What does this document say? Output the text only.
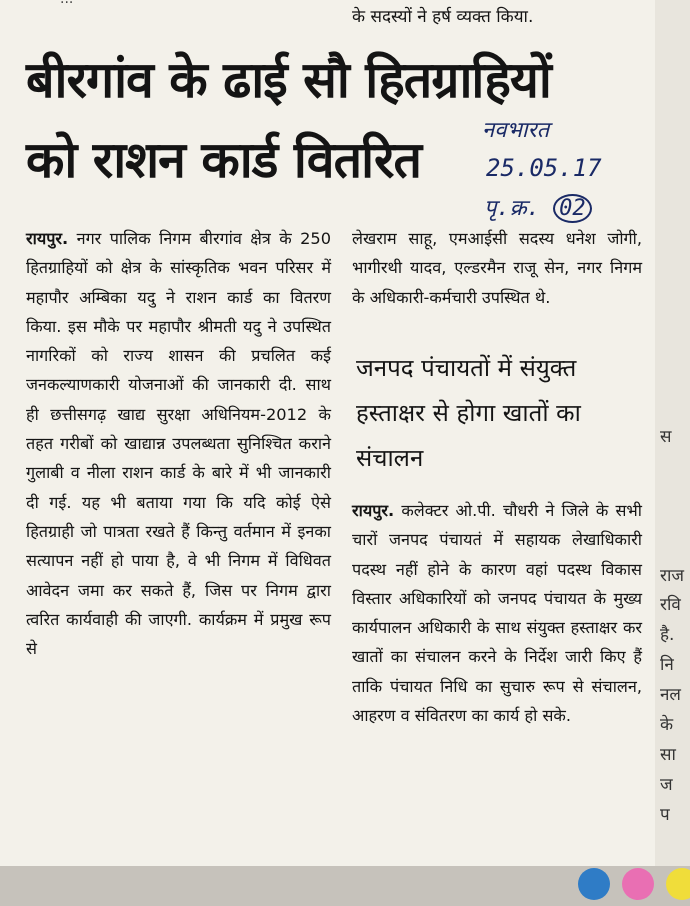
के सदस्यों ने हर्ष व्यक्त किया.
बीरगांव के ढाई सौ हितग्राहियों
को राशन कार्ड वितरित
नवभारत
25.05.17
पृ.क्र. 02
रायपुर. नगर पालिक निगम बीरगांव क्षेत्र के 250 हितग्राहियों को क्षेत्र के सांस्कृतिक भवन परिसर में महापौर अम्बिका यदु ने राशन कार्ड का वितरण किया. इस मौके पर महापौर श्रीमती यदु ने उपस्थित नागरिकों को राज्य शासन की प्रचलित कई जनकल्याणकारी योजनाओं की जानकारी दी. साथ ही छत्तीसगढ़ खाद्य सुरक्षा अधिनियम-2012 के तहत गरीबों को खाद्यान्न उपलब्धता सुनिश्चित कराने गुलाबी व नीला राशन कार्ड के बारे में भी जानकारी दी गई. यह भी बताया गया कि यदि कोई ऐसे हितग्राही जो पात्रता रखते हैं किन्तु वर्तमान में इनका सत्यापन नहीं हो पाया है, वे भी निगम में विधिवत आवेदन जमा कर सकते हैं, जिस पर निगम द्वारा त्वरित कार्यवाही की जाएगी. कार्यक्रम में प्रमुख रूप से
लेखराम साहू, एमआईसी सदस्य धनेश जोगी, भागीरथी यादव, एल्डरमैन राजू सेन, नगर निगम के अधिकारी-कर्मचारी उपस्थित थे.
जनपद पंचायतों में संयुक्त हस्ताक्षर से होगा खातों का संचालन
रायपुर. कलेक्टर ओ.पी. चौधरी ने जिले के सभी चारों जनपद पंचायतं में सहायक लेखाधिकारी पदस्थ नहीं होने के कारण वहां पदस्थ विकास विस्तार अधिकारियों को जनपद पंचायत के मुख्य कार्यपालन अधिकारी के साथ संयुक्त हस्ताक्षर कर खातों का संचालन करने के निर्देश जारी किए हैं ताकि पंचायत निधि का सुचारु रूप से संचालन, आहरण व संवितरण का कार्य हो सके.
स
राज
रवि
है.
नि
नल
के
सा
ज
प
